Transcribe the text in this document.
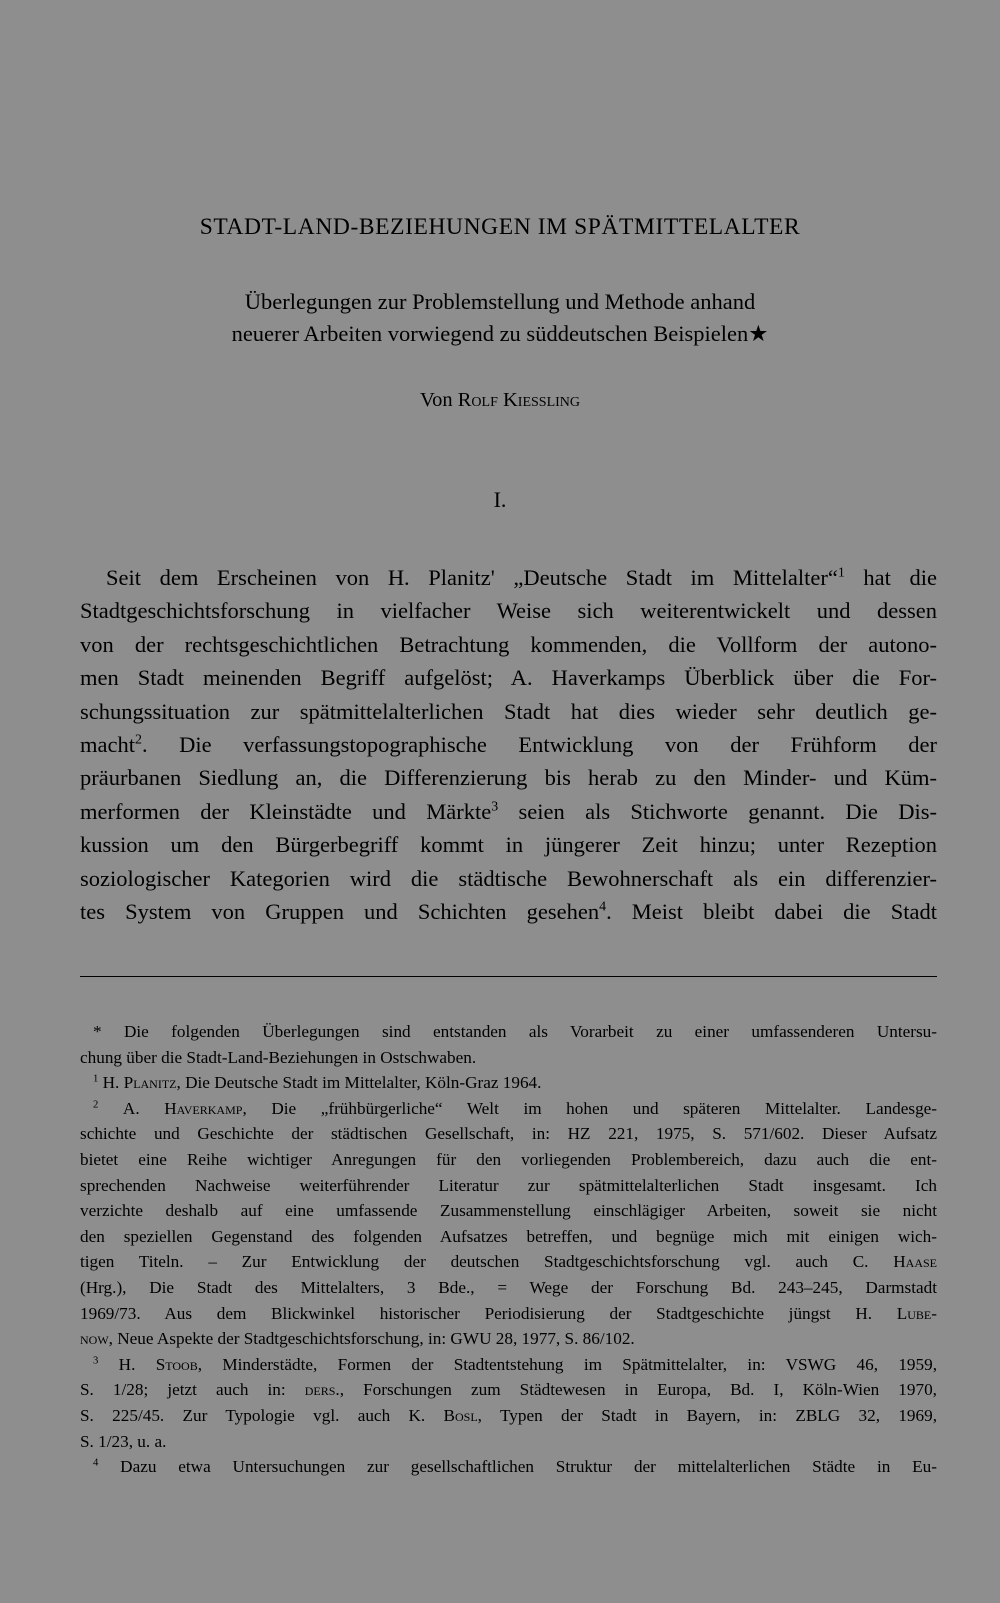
STADT-LAND-BEZIEHUNGEN IM SPÄTMITTELALTER
Überlegungen zur Problemstellung und Methode anhand
neuerer Arbeiten vorwiegend zu süddeutschen Beispielen★
Von Rolf Kiessling
I.
Seit dem Erscheinen von H. Planitz' „Deutsche Stadt im Mittelalter“$^1$ hat die
Stadtgeschichtsforschung in vielfacher Weise sich weiterentwickelt und dessen
von der rechtsgeschichtlichen Betrachtung kommenden, die Vollform der autono-
men Stadt meinenden Begriff aufgelöst; A. Haverkamps Überblick über die For-
schungssituation zur spätmittelalterlichen Stadt hat dies wieder sehr deutlich ge-
macht$^2$. Die verfassungstopographische Entwicklung von der Frühform der
präurbanen Siedlung an, die Differenzierung bis herab zu den Minder- und Küm-
merformen der Kleinstädte und Märkte$^3$ seien als Stichworte genannt. Die Dis-
kussion um den Bürgerbegriff kommt in jüngerer Zeit hinzu; unter Rezeption
soziologischer Kategorien wird die städtische Bewohnerschaft als ein differenzier-
tes System von Gruppen und Schichten gesehen$^4$. Meist bleibt dabei die Stadt
* Die folgenden Überlegungen sind entstanden als Vorarbeit zu einer umfassenderen Untersu-
chung über die Stadt-Land-Beziehungen in Ostschwaben.
$^1$ H. Planitz, Die Deutsche Stadt im Mittelalter, Köln-Graz 1964.
$^2$ A. Haverkamp, Die „frühbürgerliche“ Welt im hohen und späteren Mittelalter. Landesge-
schichte und Geschichte der städtischen Gesellschaft, in: HZ 221, 1975, S. 571/602. Dieser Aufsatz
bietet eine Reihe wichtiger Anregungen für den vorliegenden Problembereich, dazu auch die ent-
sprechenden Nachweise weiterführender Literatur zur spätmittelalterlichen Stadt insgesamt. Ich
verzichte deshalb auf eine umfassende Zusammenstellung einschlägiger Arbeiten, soweit sie nicht
den speziellen Gegenstand des folgenden Aufsatzes betreffen, und begnüge mich mit einigen wich-
tigen Titeln. – Zur Entwicklung der deutschen Stadtgeschichtsforschung vgl. auch C. Haase
(Hrg.), Die Stadt des Mittelalters, 3 Bde., = Wege der Forschung Bd. 243–245, Darmstadt
1969/73. Aus dem Blickwinkel historischer Periodisierung der Stadtgeschichte jüngst H. Lube-
now, Neue Aspekte der Stadtgeschichtsforschung, in: GWU 28, 1977, S. 86/102.
$^3$ H. Stoob, Minderstädte, Formen der Stadtentstehung im Spätmittelalter, in: VSWG 46, 1959,
S. 1/28; jetzt auch in: ders., Forschungen zum Städtewesen in Europa, Bd. I, Köln-Wien 1970,
S. 225/45. Zur Typologie vgl. auch K. Bosl, Typen der Stadt in Bayern, in: ZBLG 32, 1969,
S. 1/23, u. a.
$^4$ Dazu etwa Untersuchungen zur gesellschaftlichen Struktur der mittelalterlichen Städte in Eu-
